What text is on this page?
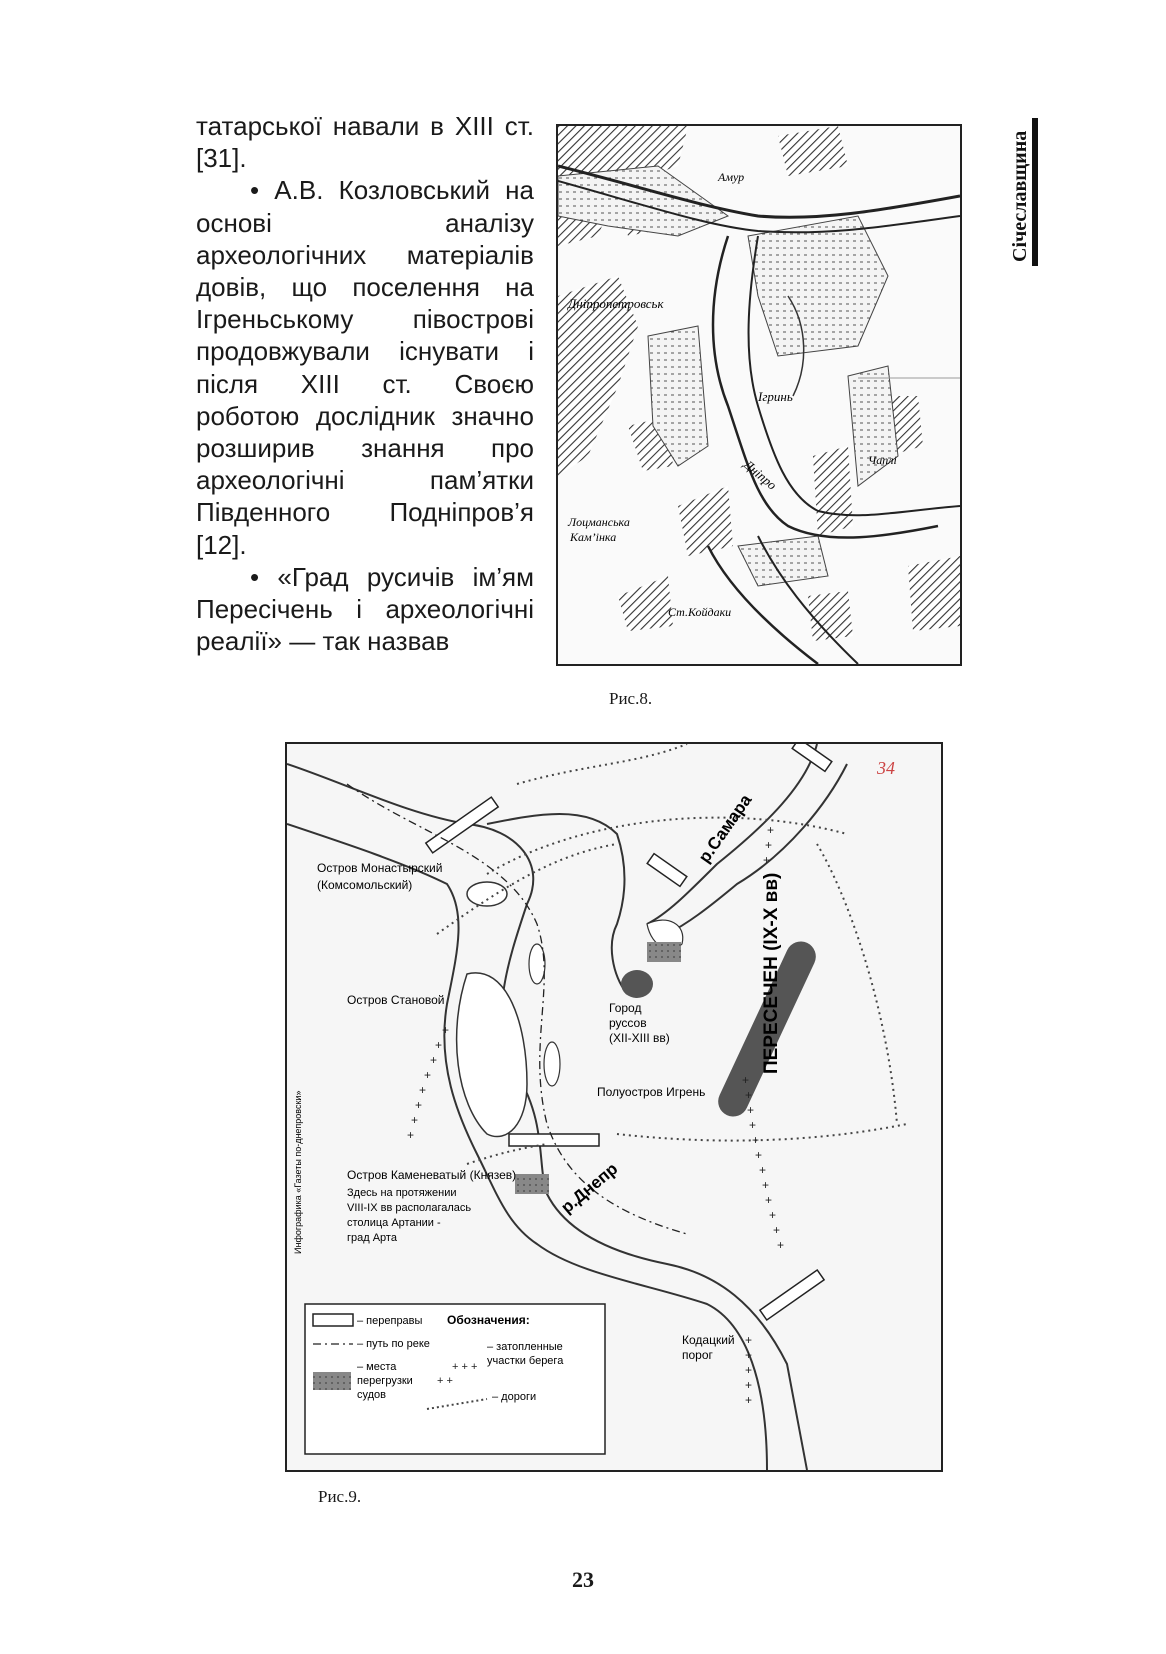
татарської навали в XIII ст. [31].

• А.В. Козловський на основі аналізу археологічних матеріалів довів, що поселення на Ігреньському півострові продовжували існувати і після XIII ст. Своєю роботою дослідник значно розширив знання про археологічні пам’ятки Південного Подніпров’я [12].

• «Град русичів ім’ям Пересічень і археологічні реалії» — так назвав

Січеславщина
Амур
Дніпропетровськ
Ігринь
Чаплі
Лоцманська
Кам’інка
Дніпро
Ст.Койдаки
Рис.8.
+
+
+
+
+
+
+
+
+
+
+
+
+
+
+
+
+
+
+
+
+
+
+
+
+
+
+
+
р.Самара
Остров Монастырский
(Комсомольский)
Остров Становой	ПЕРЕСЕЧЕН (IX-X вв)
Город
руссов
(XII-XIII вв)
Полуостров Игрень
Остров Каменеватый (Князев)
Здесь на протяжении
VIII-IX вв располагалась
столица Артании -
град Арта
р.Днепр
Кодацкий
порог
Инфографика «Газеты по-днепровски»
34
– переправы Обозначения:
– путь по реке
– места
перегрузки
судов
+ + +
+ +
– затопленные
участки берега
– дороги
Рис.9.
23
